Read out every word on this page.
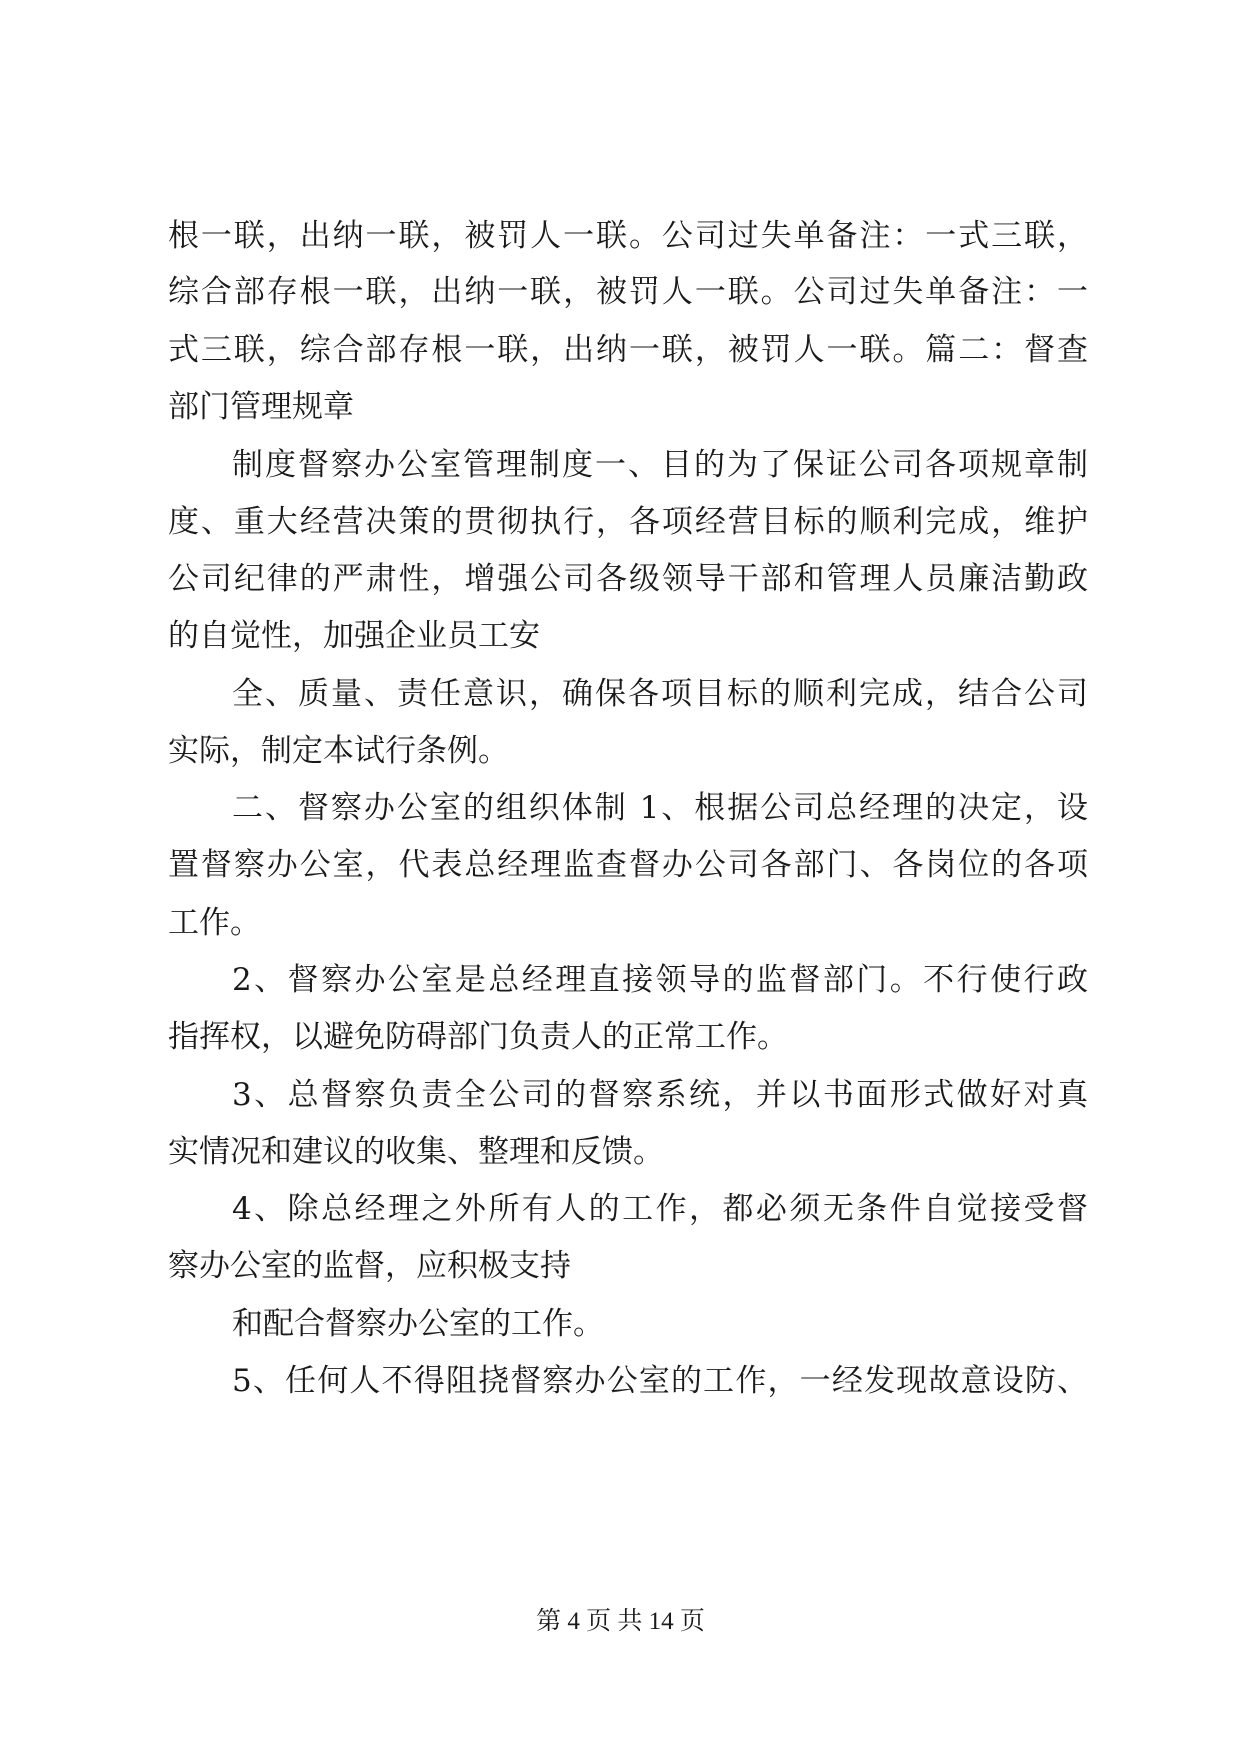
根一联，出纳一联，被罚人一联。公司过失单备注：一式三联，
综合部存根一联，出纳一联，被罚人一联。公司过失单备注：一
式三联，综合部存根一联，出纳一联，被罚人一联。篇二：督查
部门管理规章
制度督察办公室管理制度一、目的为了保证公司各项规章制
度、重大经营决策的贯彻执行，各项经营目标的顺利完成，维护
公司纪律的严肃性，增强公司各级领导干部和管理人员廉洁勤政
的自觉性，加强企业员工安
全、质量、责任意识，确保各项目标的顺利完成，结合公司
实际，制定本试行条例。
二、督察办公室的组织体制 1、根据公司总经理的决定，设
置督察办公室，代表总经理监查督办公司各部门、各岗位的各项
工作。
2、督察办公室是总经理直接领导的监督部门。不行使行政
指挥权，以避免防碍部门负责人的正常工作。
3、总督察负责全公司的督察系统，并以书面形式做好对真
实情况和建议的收集、整理和反馈。
4、除总经理之外所有人的工作，都必须无条件自觉接受督
察办公室的监督，应积极支持
和配合督察办公室的工作。
5、任何人不得阻挠督察办公室的工作，一经发现故意设防、
第 4 页 共 14 页
